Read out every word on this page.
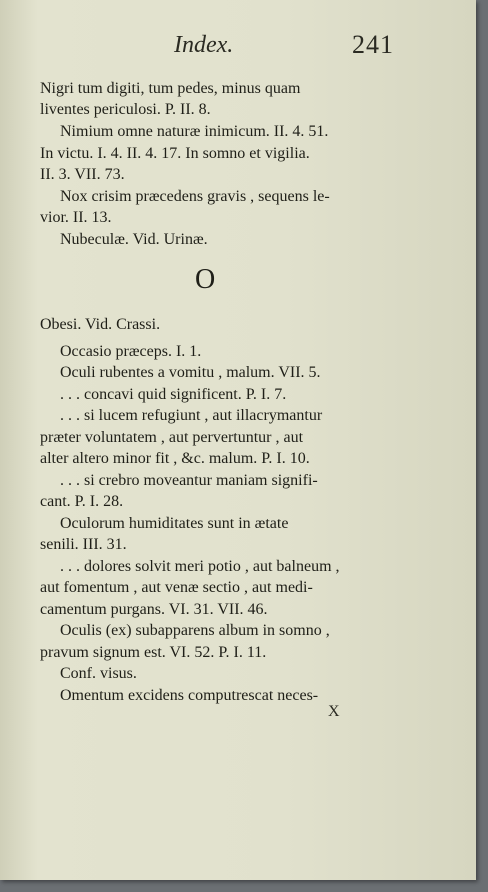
Index.	241
Nigri tum digiti, tum pedes, minus quam
liventes periculosi. P. II. 8.
Nimium omne naturæ inimicum. II. 4. 51.
In victu. I. 4. II. 4. 17. In somno et vigilia.
II. 3. VII. 73.
Nox crisim præcedens gravis , sequens le-
vior. II. 13.
Nubeculæ. Vid. Urinæ.
O
Obesi. Vid. Crassi.
Occasio præceps. I. 1.
Oculi rubentes a vomitu , malum. VII. 5.
. . . concavi quid significent. P. I. 7.
. . . si lucem refugiunt , aut illacrymantur
præter voluntatem , aut pervertuntur , aut
alter altero minor fit , &c. malum. P. I. 10.
. . . si crebro moveantur maniam signifi-
cant. P. I. 28.
Oculorum humiditates sunt in ætate
senili. III. 31.
. . . dolores solvit meri potio , aut balneum ,
aut fomentum , aut venæ sectio , aut medi-
camentum purgans. VI. 31. VII. 46.
Oculis (ex) subapparens album in somno ,
pravum signum est. VI. 52. P. I. 11.
Conf. visus.
Omentum excidens computrescat neces-
X
